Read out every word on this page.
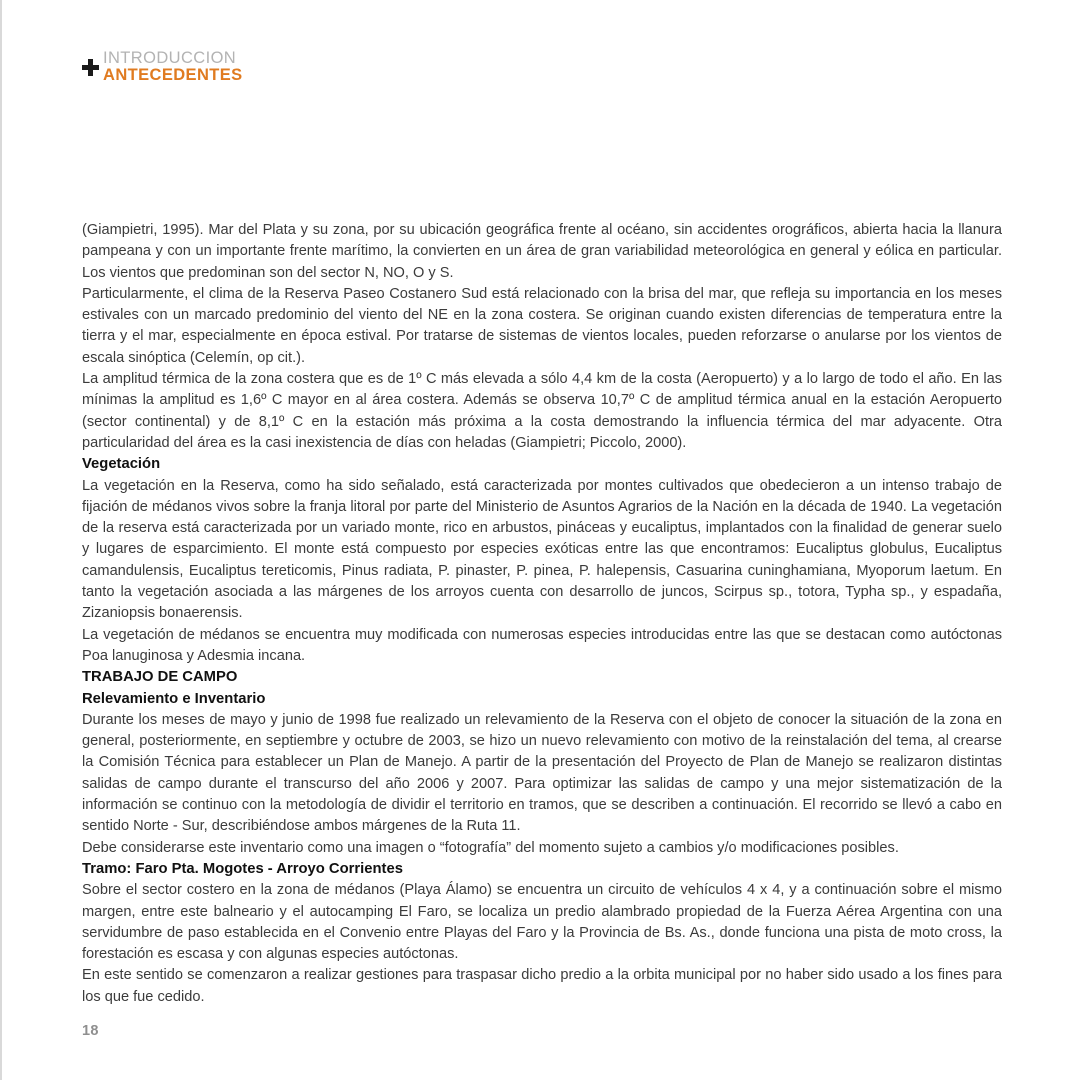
INTRODUCCION
ANTECEDENTES

(Giampietri, 1995). Mar del Plata y su zona, por su ubicación geográfica frente al océano, sin accidentes orográficos, abierta hacia la llanura pampeana y con un importante frente marítimo, la convierten en un área de gran variabilidad meteorológica en general y eólica en particular. Los vientos que predominan son del sector N, NO, O y S.

Particularmente, el clima de la Reserva Paseo Costanero Sud está relacionado con la brisa del mar, que refleja su importancia en los meses estivales con un marcado predominio del viento del NE en la zona costera. Se originan cuando existen diferencias de temperatura entre la tierra y el mar, especialmente en época estival. Por tratarse de sistemas de vientos locales, pueden reforzarse o anularse por los vientos de escala sinóptica (Celemín, op cit.).

La amplitud térmica de la zona costera que es de 1º C más elevada a sólo 4,4 km de la costa (Aeropuerto) y a lo largo de todo el año. En las mínimas la amplitud es 1,6º C mayor en al área costera. Además se observa 10,7º C de amplitud térmica anual en la estación Aeropuerto (sector continental) y de 8,1º C en la estación más próxima a la costa demostrando la influencia térmica del mar adyacente. Otra particularidad del área es la casi inexistencia de días con heladas (Giampietri; Piccolo, 2000).

Vegetación

La vegetación en la Reserva, como ha sido señalado, está caracterizada por montes cultivados que obedecieron a un intenso trabajo de fijación de médanos vivos sobre la franja litoral por parte del Ministerio de Asuntos Agrarios de la Nación en la década de 1940. La vegetación de la reserva está caracterizada por un variado monte, rico en arbustos, pináceas y eucaliptus, implantados con la finalidad de generar suelo y lugares de esparcimiento. El monte está compuesto por especies exóticas entre las que encontramos: Eucaliptus globulus, Eucaliptus camandulensis, Eucaliptus tereticomis, Pinus radiata, P. pinaster, P. pinea, P. halepensis, Casuarina cuninghamiana, Myoporum laetum. En tanto la vegetación asociada a las márgenes de los arroyos cuenta con desarrollo de juncos, Scirpus sp., totora, Typha sp., y espadaña, Zizaniopsis bonaerensis.

La vegetación de médanos se encuentra muy modificada con numerosas especies introducidas entre las que se destacan como autóctonas Poa lanuginosa y Adesmia incana.

TRABAJO DE CAMPO

Relevamiento e Inventario

Durante los meses de mayo y junio de 1998 fue realizado un relevamiento de la Reserva con el objeto de conocer la situación de la zona en general, posteriormente, en septiembre y octubre de 2003, se hizo un nuevo relevamiento con motivo de la reinstalación del tema, al crearse la Comisión Técnica para establecer un Plan de Manejo. A partir de la presentación del Proyecto de Plan de Manejo se realizaron distintas salidas de campo durante el transcurso del año 2006 y 2007. Para optimizar las salidas de campo y una mejor sistematización de la información se continuo con la metodología de dividir el territorio en tramos, que se describen a continuación. El recorrido se llevó a cabo en sentido Norte - Sur, describiéndose ambos márgenes de la Ruta 11.

Debe considerarse este inventario como una imagen o “fotografía” del momento sujeto a cambios y/o modificaciones posibles.

Tramo: Faro Pta. Mogotes - Arroyo Corrientes

Sobre el sector costero en la zona de médanos (Playa Álamo) se encuentra un circuito de vehículos 4 x 4, y a continuación sobre el mismo margen, entre este balneario y el autocamping El Faro, se localiza un predio alambrado propiedad de la Fuerza Aérea Argentina con una servidumbre de paso establecida en el Convenio entre Playas del Faro y la Provincia de Bs. As., donde funciona una pista de moto cross, la forestación es escasa y con algunas especies autóctonas.

En este sentido se comenzaron a realizar gestiones para traspasar dicho predio a la orbita municipal por no haber sido usado a los fines para los que fue cedido.

18
